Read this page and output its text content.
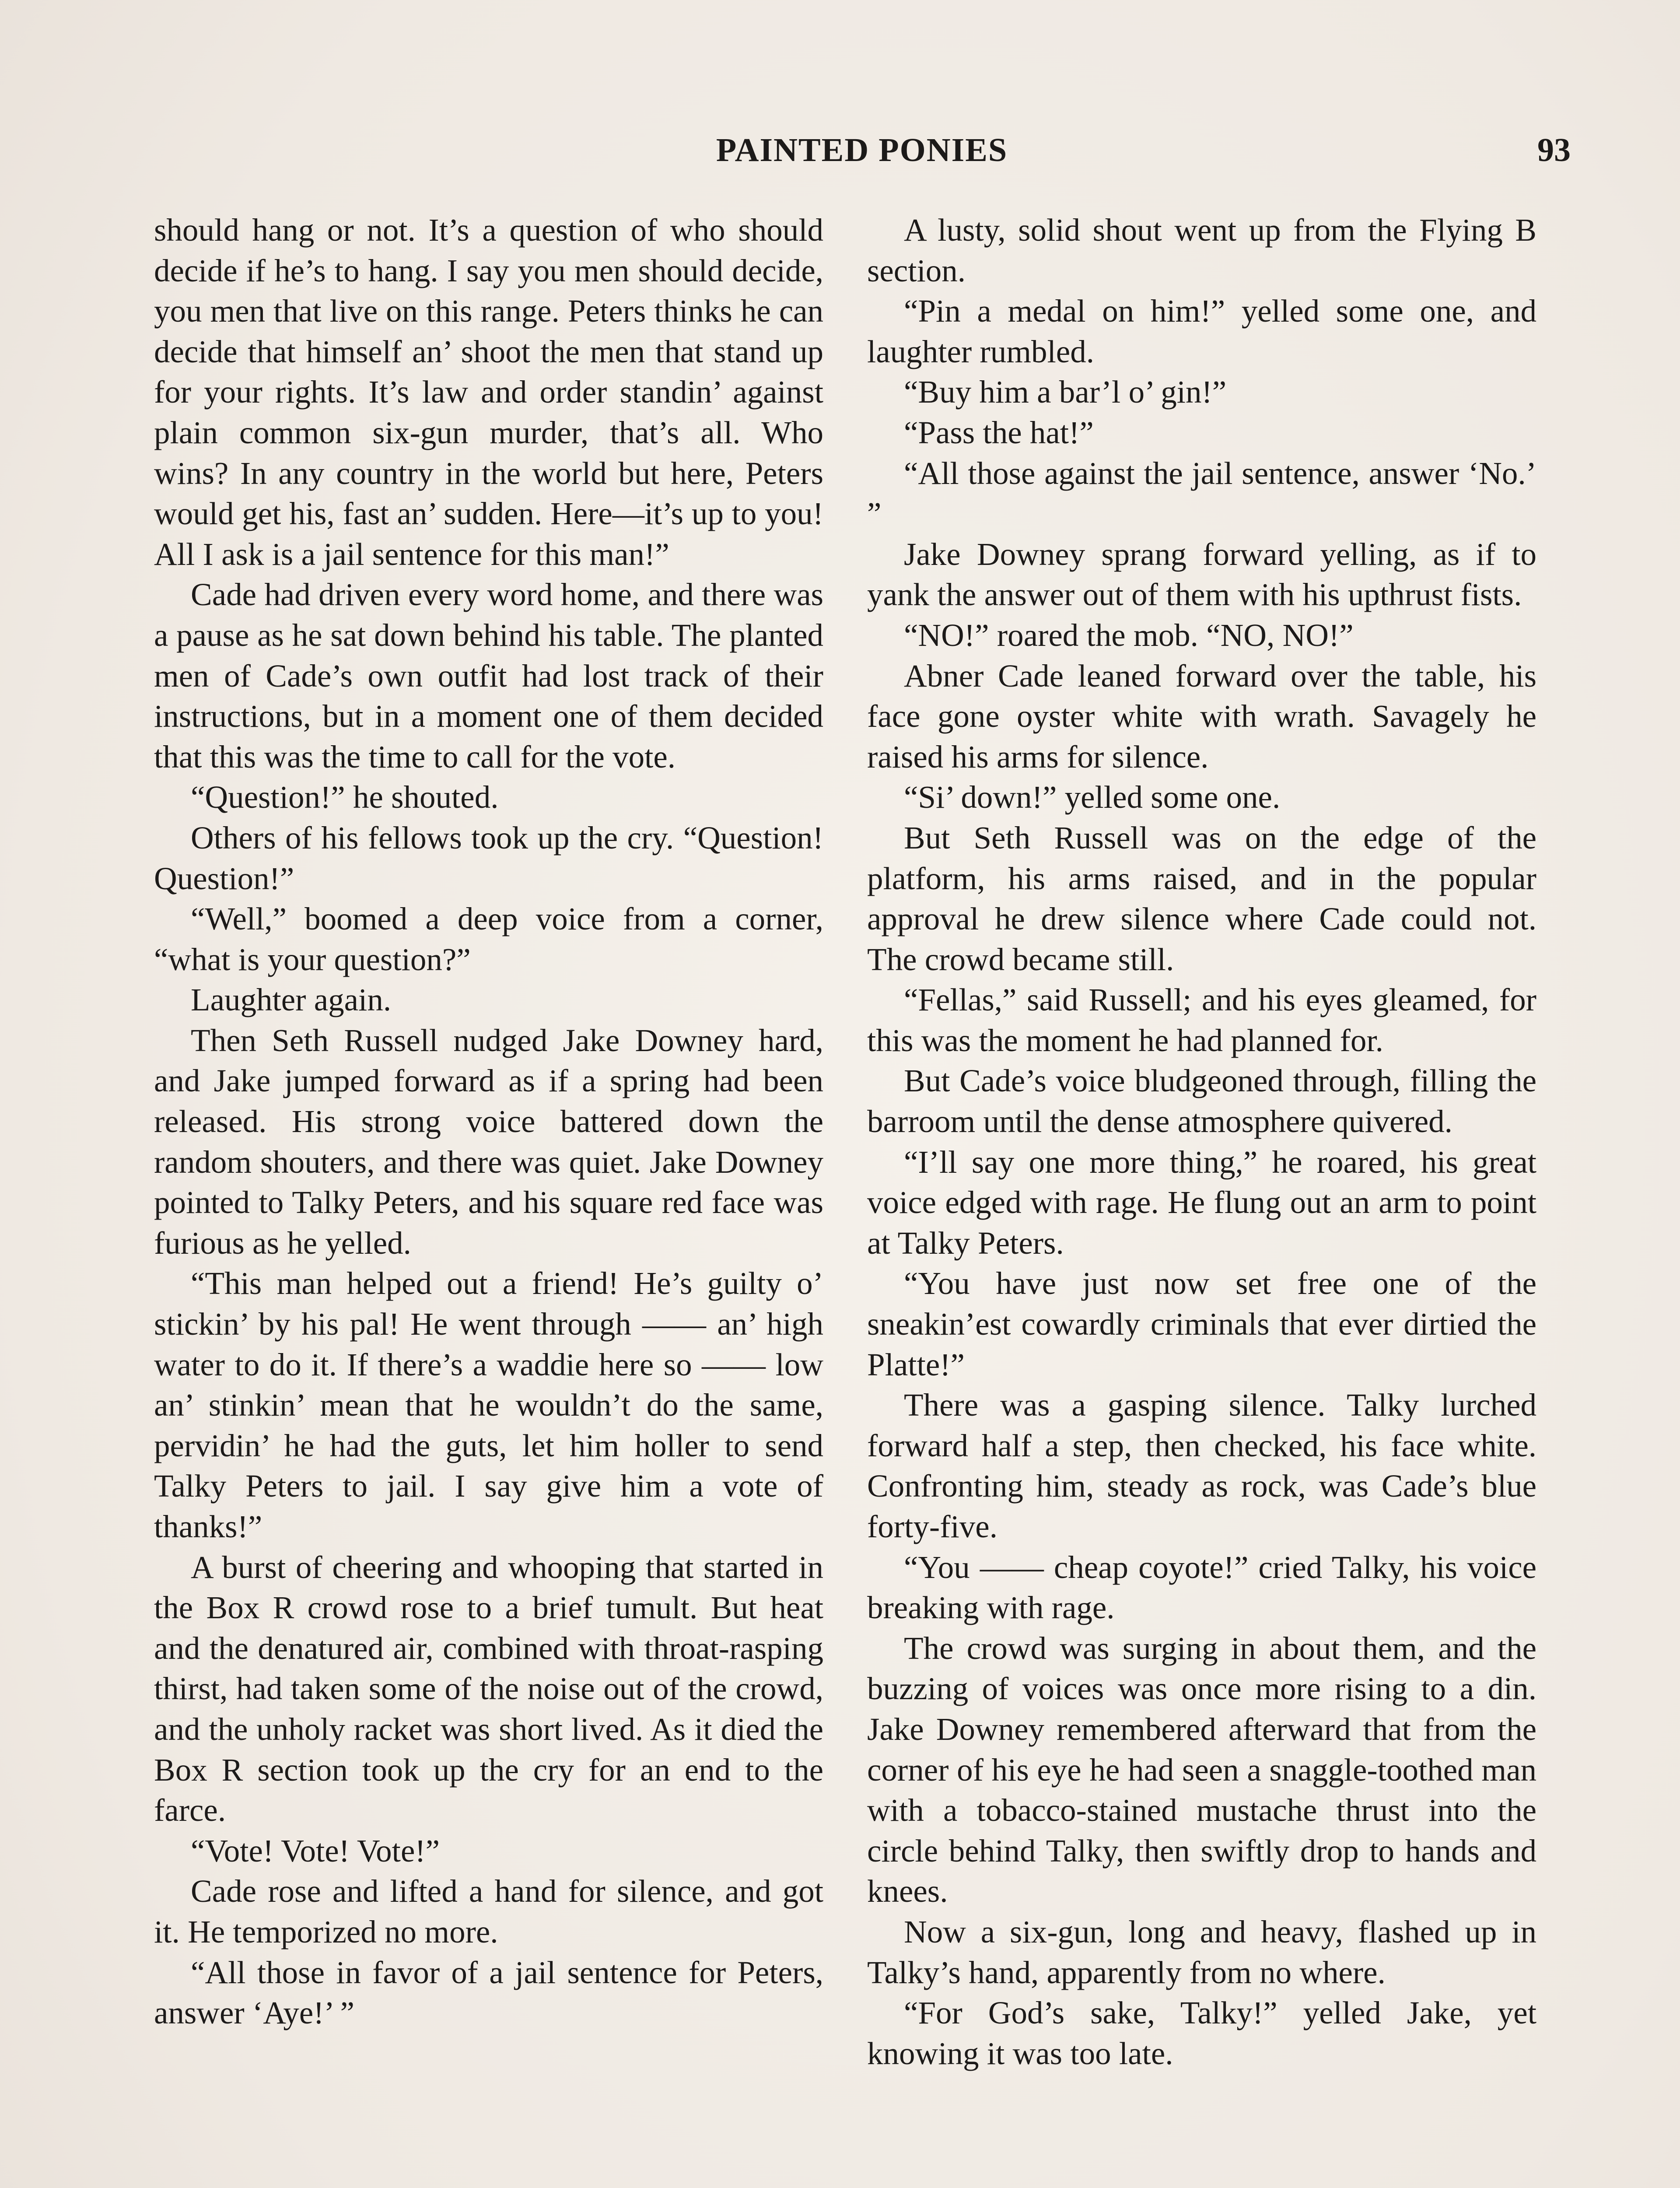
PAINTED PONIES	93

should hang or not. It’s a question of who should decide if he’s to hang. I say you men should decide, you men that live on this range. Peters thinks he can decide that himself an’ shoot the men that stand up for your rights. It’s law and order standin’ against plain common six-gun murder, that’s all. Who wins? In any country in the world but here, Peters would get his, fast an’ sudden. Here—it’s up to you! All I ask is a jail sentence for this man!”

Cade had driven every word home, and there was a pause as he sat down behind his table. The planted men of Cade’s own outfit had lost track of their instructions, but in a moment one of them decided that this was the time to call for the vote.

“Question!” he shouted.

Others of his fellows took up the cry. “Question! Question!”

“Well,” boomed a deep voice from a corner, “what is your question?”

Laughter again.

Then Seth Russell nudged Jake Downey hard, and Jake jumped forward as if a spring had been released. His strong voice battered down the random shouters, and there was quiet. Jake Downey pointed to Talky Peters, and his square red face was furious as he yelled.

“This man helped out a friend! He’s guilty o’ stickin’ by his pal! He went through —— an’ high water to do it. If there’s a waddie here so —— low an’ stinkin’ mean that he wouldn’t do the same, pervidin’ he had the guts, let him holler to send Talky Peters to jail. I say give him a vote of thanks!”

A burst of cheering and whooping that started in the Box R crowd rose to a brief tumult. But heat and the denatured air, combined with throat-rasping thirst, had taken some of the noise out of the crowd, and the unholy racket was short lived. As it died the Box R section took up the cry for an end to the farce.

“Vote! Vote! Vote!”

Cade rose and lifted a hand for silence, and got it. He temporized no more.

“All those in favor of a jail sentence for Peters, answer ‘Aye!’ ”

A lusty, solid shout went up from the Flying B section.

“Pin a medal on him!” yelled some one, and laughter rumbled.

“Buy him a bar’l o’ gin!”

“Pass the hat!”

“All those against the jail sentence, answer ‘No.’ ”

Jake Downey sprang forward yelling, as if to yank the answer out of them with his upthrust fists.

“NO!” roared the mob. “NO, NO!”

Abner Cade leaned forward over the table, his face gone oyster white with wrath. Savagely he raised his arms for silence.

“Si’ down!” yelled some one.

But Seth Russell was on the edge of the platform, his arms raised, and in the popular approval he drew silence where Cade could not. The crowd became still.

“Fellas,” said Russell; and his eyes gleamed, for this was the moment he had planned for.

But Cade’s voice bludgeoned through, filling the barroom until the dense atmosphere quivered.

“I’ll say one more thing,” he roared, his great voice edged with rage. He flung out an arm to point at Talky Peters.

“You have just now set free one of the sneakin’est cowardly criminals that ever dirtied the Platte!”

There was a gasping silence. Talky lurched forward half a step, then checked, his face white. Confronting him, steady as rock, was Cade’s blue forty-five.

“You —— cheap coyote!” cried Talky, his voice breaking with rage.

The crowd was surging in about them, and the buzzing of voices was once more rising to a din. Jake Downey remembered afterward that from the corner of his eye he had seen a snaggle-toothed man with a tobacco-stained mustache thrust into the circle behind Talky, then swiftly drop to hands and knees.

Now a six-gun, long and heavy, flashed up in Talky’s hand, apparently from no where.

“For God’s sake, Talky!” yelled Jake, yet knowing it was too late.
